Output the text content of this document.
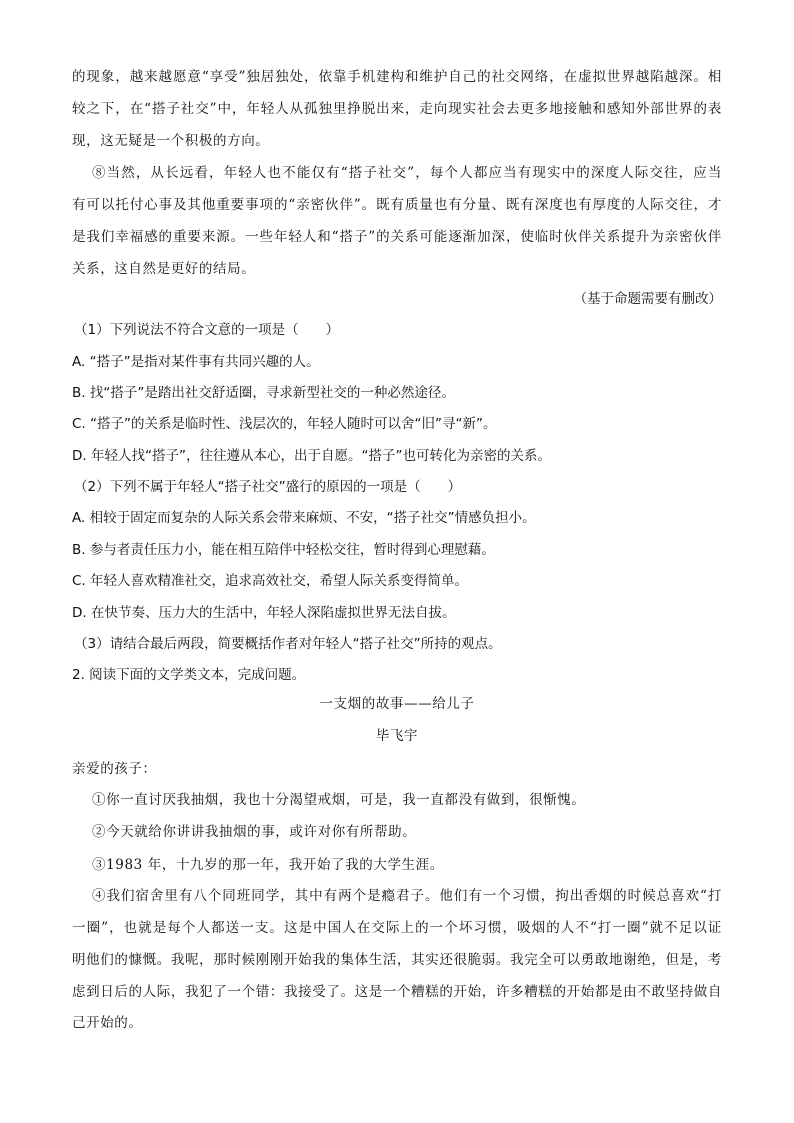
的现象，越来越愿意“享受”独居独处，依靠手机建构和维护自己的社交网络，在虚拟世界越陷越深。相
较之下，在“搭子社交”中，年轻人从孤独里挣脱出来，走向现实社会去更多地接触和感知外部世界的表
现，这无疑是一个积极的方向。
⑧当然，从长远看，年轻人也不能仅有“搭子社交”，每个人都应当有现实中的深度人际交往，应当
有可以托付心事及其他重要事项的“亲密伙伴”。既有质量也有分量、既有深度也有厚度的人际交往，才
是我们幸福感的重要来源。一些年轻人和“搭子”的关系可能逐渐加深，使临时伙伴关系提升为亲密伙伴
关系，这自然是更好的结局。
（基于命题需要有删改）
（1）下列说法不符合文意的一项是（　　）
A. “搭子”是指对某件事有共同兴趣的人。
B. 找“搭子”是踏出社交舒适圈，寻求新型社交的一种必然途径。
C. “搭子”的关系是临时性、浅层次的，年轻人随时可以舍“旧”寻“新”。
D. 年轻人找“搭子”，往往遵从本心，出于自愿。“搭子”也可转化为亲密的关系。
（2）下列不属于年轻人“搭子社交”盛行的原因的一项是（　　）
A. 相较于固定而复杂的人际关系会带来麻烦、不安，“搭子社交”情感负担小。
B. 参与者责任压力小，能在相互陪伴中轻松交往，暂时得到心理慰藉。
C. 年轻人喜欢精准社交，追求高效社交，希望人际关系变得简单。
D. 在快节奏、压力大的生活中，年轻人深陷虚拟世界无法自拔。
（3）请结合最后两段，简要概括作者对年轻人“搭子社交”所持的观点。
2. 阅读下面的文学类文本，完成问题。
一支烟的故事——给儿子
毕飞宇
亲爱的孩子：
①你一直讨厌我抽烟，我也十分渴望戒烟，可是，我一直都没有做到，很惭愧。
②今天就给你讲讲我抽烟的事，或许对你有所帮助。
③1983 年，十九岁的那一年，我开始了我的大学生涯。
④我们宿舍里有八个同班同学，其中有两个是瘾君子。他们有一个习惯，拘出香烟的时候总喜欢“打
一圈”，也就是每个人都送一支。这是中国人在交际上的一个坏习惯，吸烟的人不“打一圈”就不足以证
明他们的慷慨。我呢，那时候刚刚开始我的集体生活，其实还很脆弱。我完全可以勇敢地谢绝，但是，考
虑到日后的人际，我犯了一个错：我接受了。这是一个糟糕的开始，许多糟糕的开始都是由不敢坚持做自
己开始的。
